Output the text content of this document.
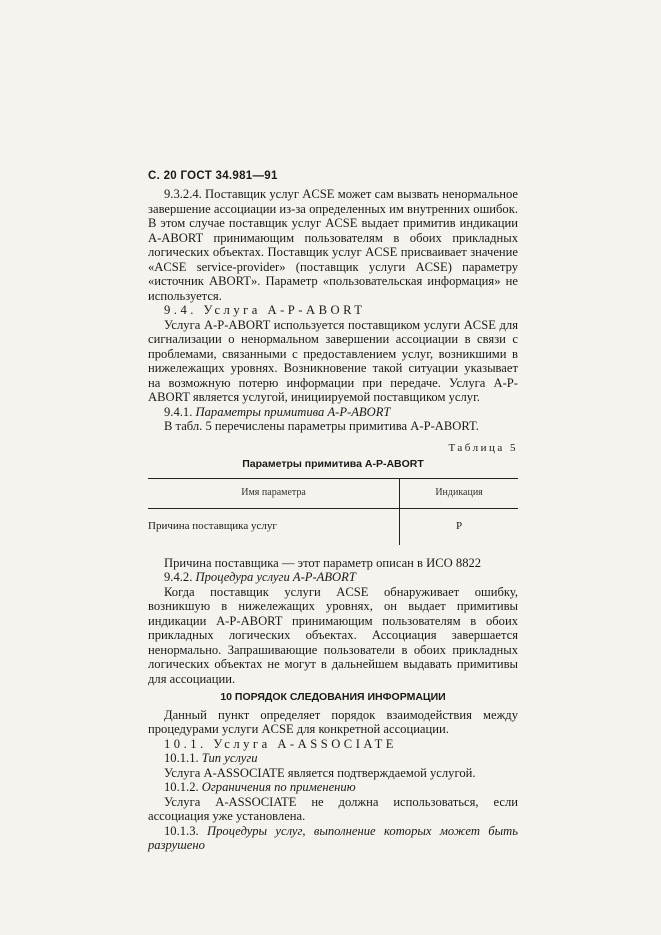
С. 20 ГОСТ 34.981—91

9.3.2.4. Поставщик услуг ACSE может сам вызвать ненормальное завершение ассоциации из-за определенных им внутренних ошибок. В этом случае поставщик услуг ACSE выдает примитив индикации A-ABORT принимающим пользователям в обоих прикладных логических объектах. Поставщик услуг ACSE присваивает значение «ACSE service-provider» (поставщик услуги ACSE) параметру «источник ABORT». Параметр «пользовательская информация» не используется.

9.4. Услуга A-P-ABORT

Услуга A-P-ABORT используется поставщиком услуги ACSE для сигнализации о ненормальном завершении ассоциации в связи с проблемами, связанными с предоставлением услуг, возникшими в нижележащих уровнях. Возникновение такой ситуации указывает на возможную потерю информации при передаче. Услуга A-P-ABORT является услугой, инициируемой поставщиком услуг.

9.4.1. Параметры примитива A-P-ABORT

В табл. 5 перечислены параметры примитива A-P-ABORT.

Таблица 5
Параметры примитива A-P-ABORT
Имя параметра	Индикация
Причина поставщика услуг	P

Причина поставщика — этот параметр описан в ИСО 8822

9.4.2. Процедура услуги A-P-ABORT

Когда поставщик услуги ACSE обнаруживает ошибку, возникшую в нижележащих уровнях, он выдает примитивы индикации A-P-ABORT принимающим пользователям в обоих прикладных логических объектах. Ассоциация завершается ненормально. Запрашивающие пользователи в обоих прикладных логических объектах не могут в дальнейшем выдавать примитивы для ассоциации.

10 ПОРЯДОК СЛЕДОВАНИЯ ИНФОРМАЦИИ

Данный пункт определяет порядок взаимодействия между процедурами услуги ACSE для конкретной ассоциации.

10.1. Услуга A-ASSOCIATE

10.1.1. Тип услуги

Услуга A-ASSOCIATE является подтверждаемой услугой.

10.1.2. Ограничения по применению

Услуга A-ASSOCIATE не должна использоваться, если ассоциация уже установлена.

10.1.3. Процедуры услуг, выполнение которых может быть разрушено
